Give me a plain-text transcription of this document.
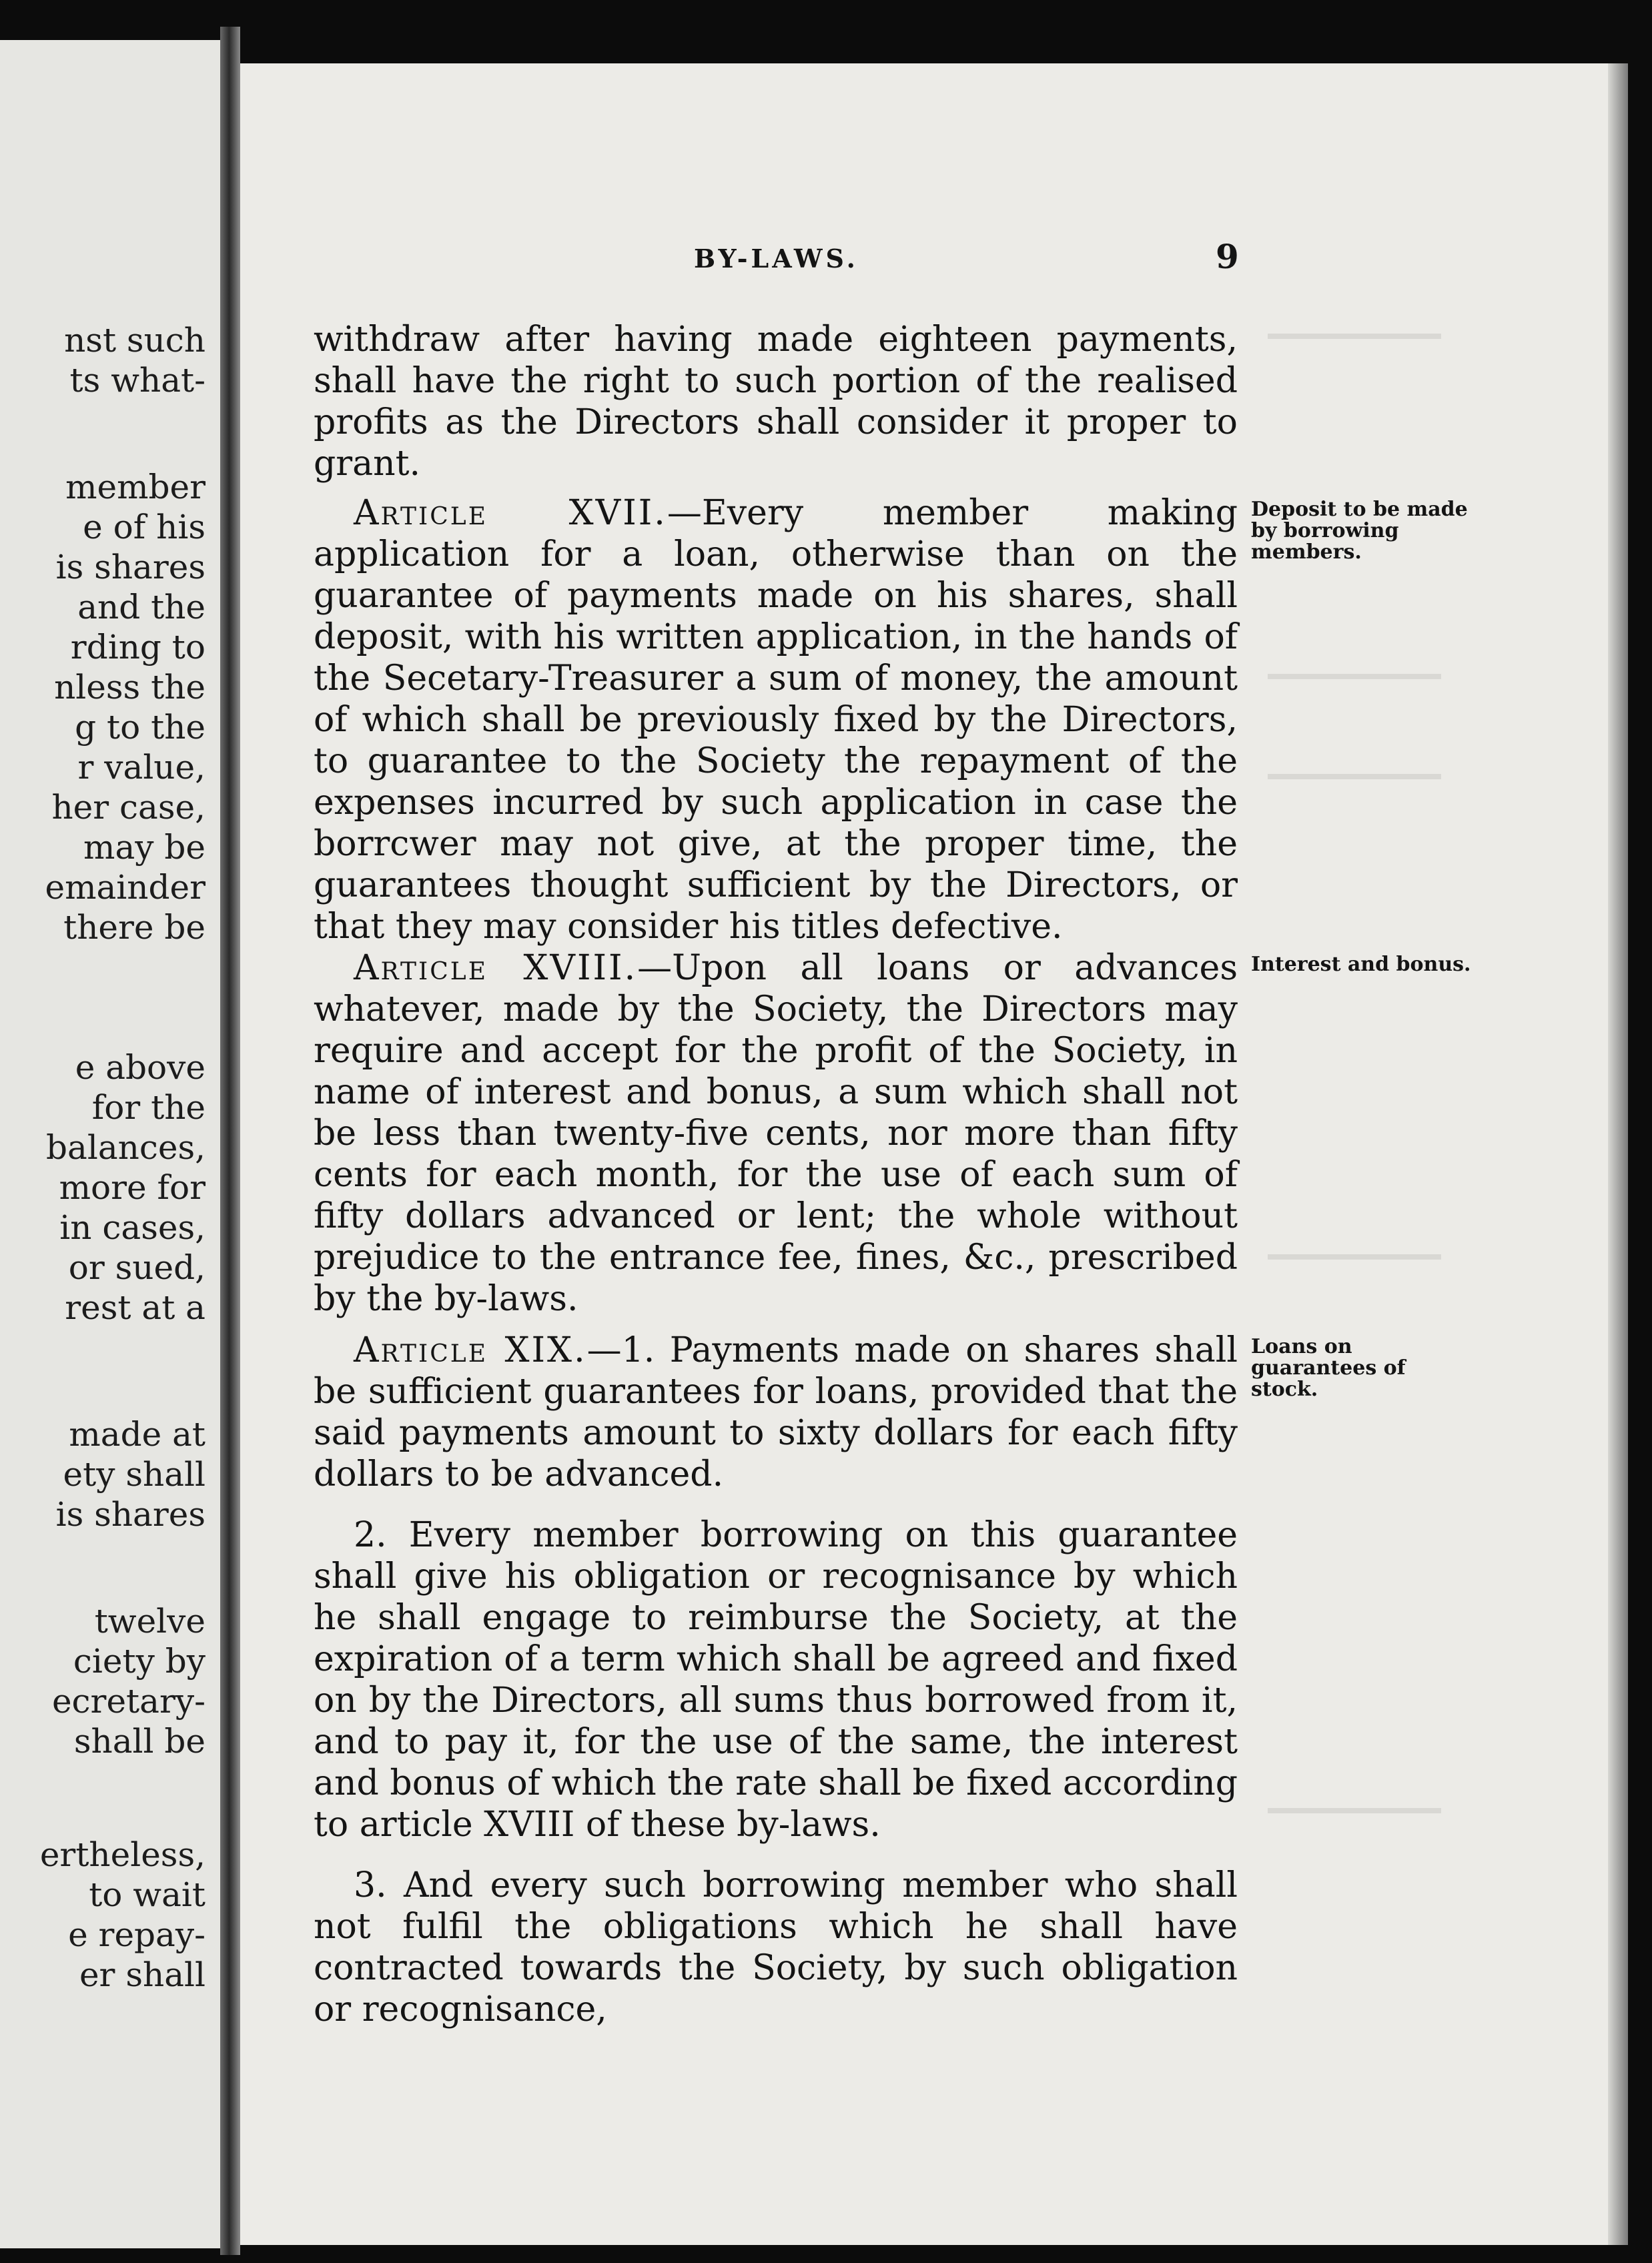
nst such
ts what-
member
e of his
is shares
and the
rding to
nless the
g to the
r value,
her case,
may be
emainder
there be
e above
for the
balances,
more for
in cases,
or sued,
rest at a
made at
ety shall
is shares
twelve
ciety by
ecretary-
shall be
ertheless,
to wait
e repay-
er shall
BY-LAWS.	9
withdraw after having made eighteen payments, shall have the right to such portion of the realised profits as the Directors shall consider it proper to grant.
Deposit to be made by borrowing members.
Article XVII.—Every member making application for a loan, otherwise than on the guarantee of payments made on his shares, shall deposit, with his written application, in the hands of the Secetary-Treasurer a sum of money, the amount of which shall be previously fixed by the Directors, to guarantee to the Society the repayment of the expenses incurred by such application in case the borrcwer may not give, at the proper time, the guarantees thought sufficient by the Directors, or that they may consider his titles defective.
Interest and bonus.
Article XVIII.—Upon all loans or advances whatever, made by the Society, the Directors may require and accept for the profit of the Society, in name of interest and bonus, a sum which shall not be less than twenty-five cents, nor more than fifty cents for each month, for the use of each sum of fifty dollars advanced or lent; the whole without prejudice to the entrance fee, fines, &c., prescribed by the by-laws.
Loans on guarantees of stock.
Article XIX.—1. Payments made on shares shall be sufficient guarantees for loans, provided that the said payments amount to sixty dollars for each fifty dollars to be advanced.
2. Every member borrowing on this guarantee shall give his obligation or recognisance by which he shall engage to reimburse the Society, at the expiration of a term which shall be agreed and fixed on by the Directors, all sums thus borrowed from it, and to pay it, for the use of the same, the interest and bonus of which the rate shall be fixed according to article XVIII of these by-laws.
3. And every such borrowing member who shall not fulfil the obligations which he shall have contracted towards the Society, by such obligation or recognisance,
